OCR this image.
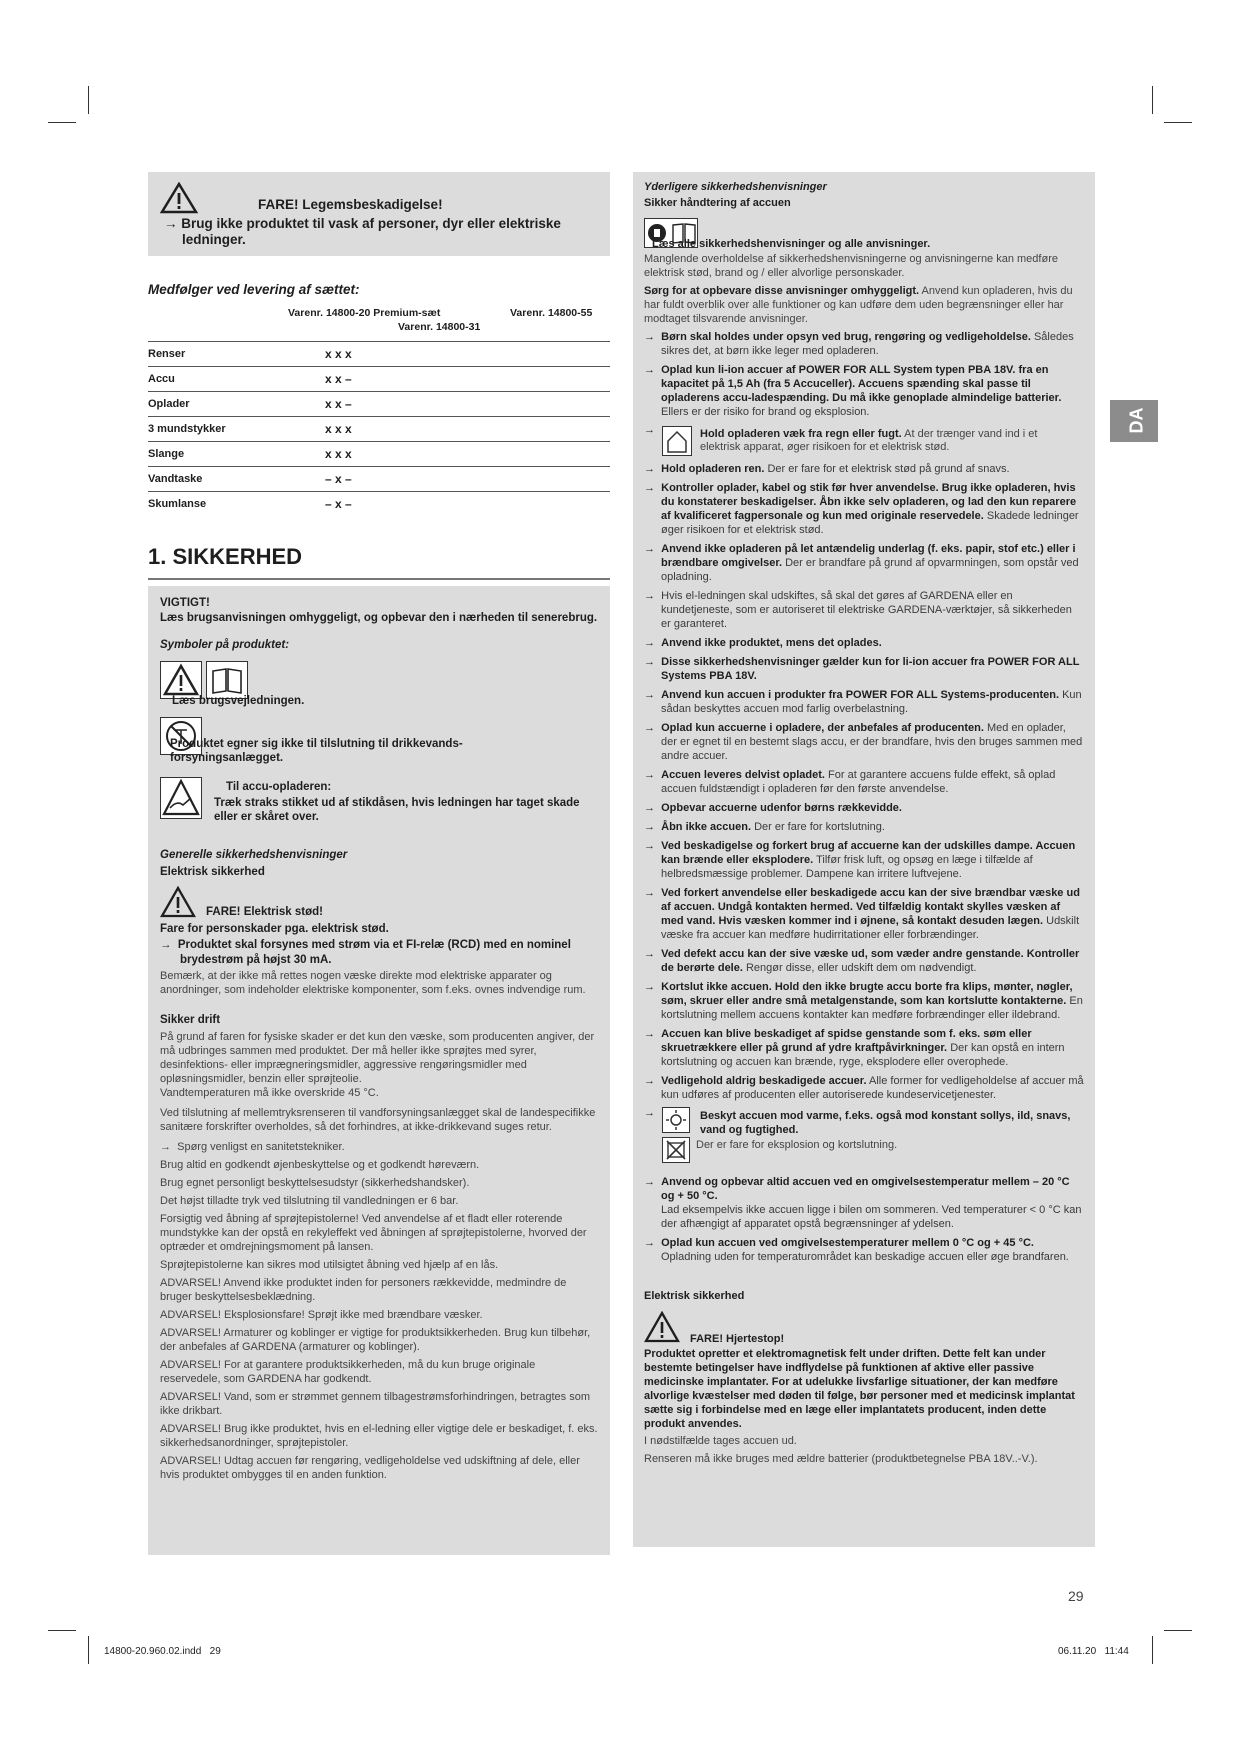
FARE! Legemsbeskadigelse!

→ Brug ikke produktet til vask af personer, dyr eller elektriske ledninger.

Medfølger ved levering af sættet:

Varenr. 14800-20 Premium-sæt	Varenr. 14800-55
Varenr. 14800-31
Renser	x x x
Accu	x x –
Oplader	x x –
3 mundstykker	x x x
Slange	x x x
Vandtaske	– x –
Skumlanse	– x –
1. SIKKERHED

VIGTIGT!

Læs brugsanvisningen omhyggeligt, og opbevar den i nærheden til senerebrug.

Symboler på produktet:

Læs brugsvejledningen.
Produktet egner sig ikke til tilslutning til drikkevandsforsyningsanlægget.
Til accu-opladeren:
Træk straks stikket ud af stikdåsen, hvis ledningen har taget skade eller er skåret over.

Generelle sikkerhedshenvisninger

Elektrisk sikkerhed

FARE! Elektrisk stød!

Fare for personskader pga. elektrisk stød.

→  Produktet skal forsynes med strøm via et FI-relæ (RCD) med en nominel brydestrøm på højst 30 mA.

Bemærk, at der ikke må rettes nogen væske direkte mod elektriske apparater og anordninger, som indeholder elektriske komponenter, som f.eks. ovnes indvendige rum.

Sikker drift

På grund af faren for fysiske skader er det kun den væske, som producenten angiver, der må udbringes sammen med produktet. Der må heller ikke sprøjtes med syrer, desinfektions- eller imprægneringsmidler, aggressive rengøringsmidler med opløsningsmidler, benzin eller sprøjteolie.

Vandtemperaturen må ikke overskride 45 °C.

Ved tilslutning af mellemtryksrenseren til vandforsyningsanlægget skal de landespecifikke sanitære forskrifter overholdes, så det forhindres, at ikke-drikkevand suges retur.

→  Spørg venligst en sanitetstekniker.

Brug altid en godkendt øjenbeskyttelse og et godkendt høreværn.

Brug egnet personligt beskyttelsesudstyr (sikkerhedshandsker).

Det højst tilladte tryk ved tilslutning til vandledningen er 6 bar.

Forsigtig ved åbning af sprøjtepistolerne! Ved anvendelse af et fladt eller roterende mundstykke kan der opstå en rekyleffekt ved åbningen af sprøjtepistolerne, hvorved der optræder et omdrejningsmoment på lansen.

Sprøjtepistolerne kan sikres mod utilsigtet åbning ved hjælp af en lås.

ADVARSEL! Anvend ikke produktet inden for personers rækkevidde, medmindre de bruger beskyttelsesbeklædning.

ADVARSEL! Eksplosionsfare! Sprøjt ikke med brændbare væsker.

ADVARSEL! Armaturer og koblinger er vigtige for produktsikkerheden. Brug kun tilbehør, der anbefales af GARDENA (armaturer og koblinger).

ADVARSEL! For at garantere produktsikkerheden, må du kun bruge originale reservedele, som GARDENA har godkendt.

ADVARSEL! Vand, som er strømmet gennem tilbagestrømsforhindringen, betragtes som ikke drikbart.

ADVARSEL! Brug ikke produktet, hvis en el-ledning eller vigtige dele er beskadiget, f. eks. sikkerhedsanordninger, sprøjtepistoler.

ADVARSEL! Udtag accuen før rengøring, vedligeholdelse ved udskiftning af dele, eller hvis produktet ombygges til en anden funktion.

Yderligere sikkerhedshenvisninger

Sikker håndtering af accuen

Læs alle sikkerhedshenvisninger og alle anvisninger.

Manglende overholdelse af sikkerhedshenvisningerne og anvisningerne kan medføre elektrisk stød, brand og / eller alvorlige personskader.

Sørg for at opbevare disse anvisninger omhyggeligt. Anvend kun opladeren, hvis du har fuldt overblik over alle funktioner og kan udføre dem uden begrænsninger eller har modtaget tilsvarende anvisninger.

→  Børn skal holdes under opsyn ved brug, rengøring og vedligeholdelse. Således sikres det, at børn ikke leger med opladeren.

→  Oplad kun li-ion accuer af POWER FOR ALL System typen PBA 18V. fra en kapacitet på 1,5 Ah (fra 5 Accuceller). Accuens spænding skal passe til opladerens accu-ladespænding. Du må ikke genoplade almindelige batterier. Ellers er der risiko for brand og eksplosion.

→	Hold opladeren væk fra regn eller fugt. At der trænger vand ind i et elektrisk apparat, øger risikoen for et elektrisk stød.

→  Hold opladeren ren. Der er fare for et elektrisk stød på grund af snavs.

→  Kontroller oplader, kabel og stik før hver anvendelse. Brug ikke opladeren, hvis du konstaterer beskadigelser. Åbn ikke selv opladeren, og lad den kun reparere af kvalificeret fagpersonale og kun med originale reservedele. Skadede ledninger øger risikoen for et elektrisk stød.

→  Anvend ikke opladeren på let antændelig underlag (f. eks. papir, stof etc.) eller i brændbare omgivelser. Der er brandfare på grund af opvarmningen, som opstår ved opladning.

→  Hvis el-ledningen skal udskiftes, så skal det gøres af GARDENA eller en kundetjeneste, som er autoriseret til elektriske GARDENA-værktøjer, så sikkerheden er garanteret.

→  Anvend ikke produktet, mens det oplades.

→  Disse sikkerhedshenvisninger gælder kun for li-ion accuer fra POWER FOR ALL Systems PBA 18V.

→  Anvend kun accuen i produkter fra POWER FOR ALL Systems-producenten. Kun sådan beskyttes accuen mod farlig overbelastning.

→  Oplad kun accuerne i opladere, der anbefales af producenten. Med en oplader, der er egnet til en bestemt slags accu, er der brandfare, hvis den bruges sammen med andre accuer.

→  Accuen leveres delvist opladet. For at garantere accuens fulde effekt, så oplad accuen fuldstændigt i opladeren før den første anvendelse.

→  Opbevar accuerne udenfor børns rækkevidde.

→  Åbn ikke accuen. Der er fare for kortslutning.

→  Ved beskadigelse og forkert brug af accuerne kan der udskilles dampe. Accuen kan brænde eller eksplodere. Tilfør frisk luft, og opsøg en læge i tilfælde af helbredsmæssige problemer. Dampene kan irritere luftvejene.

→  Ved forkert anvendelse eller beskadigede accu kan der sive brændbar væske ud af accuen. Undgå kontakten hermed. Ved tilfældig kontakt skylles væsken af med vand. Hvis væsken kommer ind i øjnene, så kontakt desuden lægen. Udskilt væske fra accuer kan medføre hudirritationer eller forbrændinger.

→  Ved defekt accu kan der sive væske ud, som væder andre genstande. Kontroller de berørte dele. Rengør disse, eller udskift dem om nødvendigt.

→  Kortslut ikke accuen. Hold den ikke brugte accu borte fra klips, mønter, nøgler, søm, skruer eller andre små metalgenstande, som kan kortslutte kontakterne. En kortslutning mellem accuens kontakter kan medføre forbrændinger eller ildebrand.

→  Accuen kan blive beskadiget af spidse genstande som f. eks. søm eller skruetrækkere eller på grund af ydre kraftpåvirkninger. Der kan opstå en intern kortslutning og accuen kan brænde, ryge, eksplodere eller overophede.

→  Vedligehold aldrig beskadigede accuer. Alle former for vedligeholdelse af accuer må kun udføres af producenten eller autoriserede kundeservicetjenester.

→	Beskyt accuen mod varme, f.eks. også mod konstant sollys, ild, snavs, vand og fugtighed.
Der er fare for eksplosion og kortslutning.

→  Anvend og opbevar altid accuen ved en omgivelsestemperatur mellem – 20 °C og + 50 °C.
Lad eksempelvis ikke accuen ligge i bilen om sommeren. Ved temperaturer < 0 °C kan der afhængigt af apparatet opstå begrænsninger af ydelsen.

→  Oplad kun accuen ved omgivelsestemperaturer mellem 0 °C og + 45 °C.
Opladning uden for temperaturområdet kan beskadige accuen eller øge brandfaren.

Elektrisk sikkerhed

FARE! Hjertestop!

Produktet opretter et elektromagnetisk felt under driften. Dette felt kan under bestemte betingelser have indflydelse på funktionen af aktive eller passive medicinske implantater. For at udelukke livsfarlige situationer, der kan medføre alvorlige kvæstelser med døden til følge, bør personer med et medicinsk implantat sætte sig i forbindelse med en læge eller implantatets producent, inden dette produkt anvendes.

I nødstilfælde tages accuen ud.

Renseren må ikke bruges med ældre batterier (produktbetegnelse PBA 18V..-V.).

DA
29
14800-20.960.02.indd   29	06.11.20   11:44
